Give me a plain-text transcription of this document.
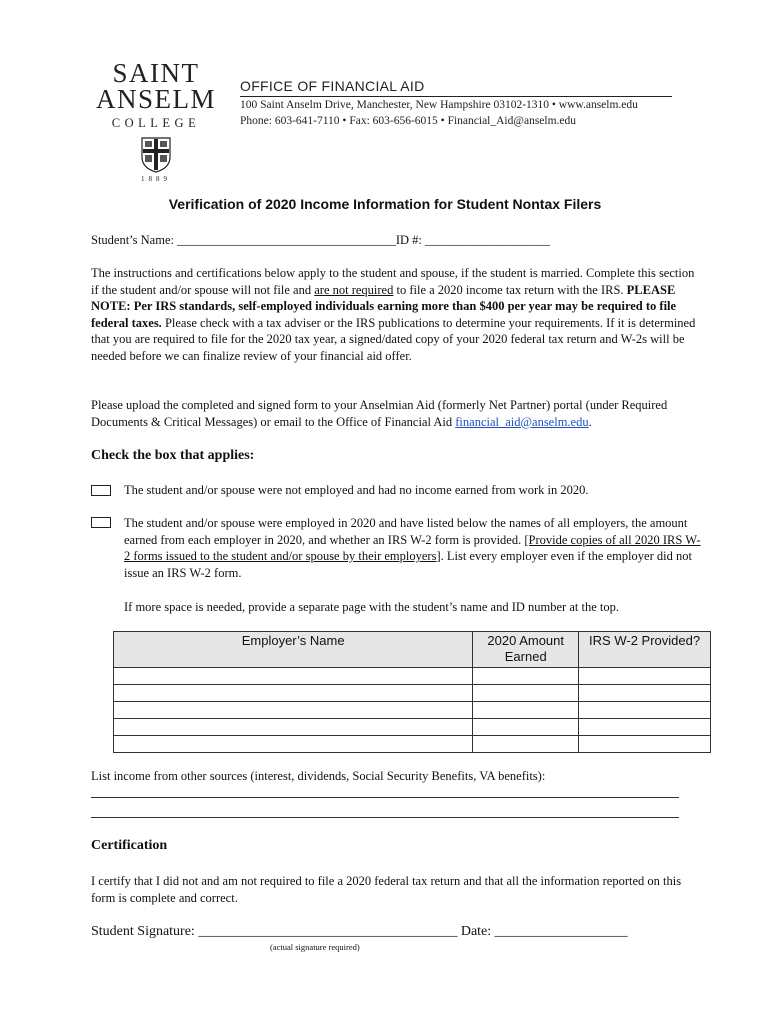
SAINT
ANSELM
COLLEGE
1889
OFFICE OF FINANCIAL AID
100 Saint Anselm Drive, Manchester, New Hampshire 03102-1310 • www.anselm.edu
Phone: 603-641-7110 • Fax: 603-656-6015 • Financial_Aid@anselm.edu
Verification of 2020 Income Information for Student Nontax Filers
Student’s Name: ___________________________________ID #: ____________________
The instructions and certifications below apply to the student and spouse, if the student is married. Complete this section if the student and/or spouse will not file and are not required to file a 2020 income tax return with the IRS. PLEASE NOTE: Per IRS standards, self-employed individuals earning more than $400 per year may be required to file federal taxes. Please check with a tax adviser or the IRS publications to determine your requirements. If it is determined that you are required to file for the 2020 tax year, a signed/dated copy of your 2020 federal tax return and W-2s will be needed before we can finalize review of your financial aid offer.
Please upload the completed and signed form to your Anselmian Aid (formerly Net Partner) portal (under Required Documents & Critical Messages) or email to the Office of Financial Aid financial_aid@anselm.edu.
Check the box that applies:
The student and/or spouse were not employed and had no income earned from work in 2020.
The student and/or spouse were employed in 2020 and have listed below the names of all employers, the amount earned from each employer in 2020, and whether an IRS W-2 form is provided. [Provide copies of all 2020 IRS W-2 forms issued to the student and/or spouse by their employers]. List every employer even if the employer did not issue an IRS W-2 form.
If more space is needed, provide a separate page with the student’s name and ID number at the top.
Employer’s Name	2020 Amount Earned	IRS W-2 Provided?

List income from other sources (interest, dividends, Social Security Benefits, VA benefits):
Certification
I certify that I did not and am not required to file a 2020 federal tax return and that all the information reported on this form is complete and correct.
Student Signature: _____________________________________ Date: ___________________
(actual signature required)
